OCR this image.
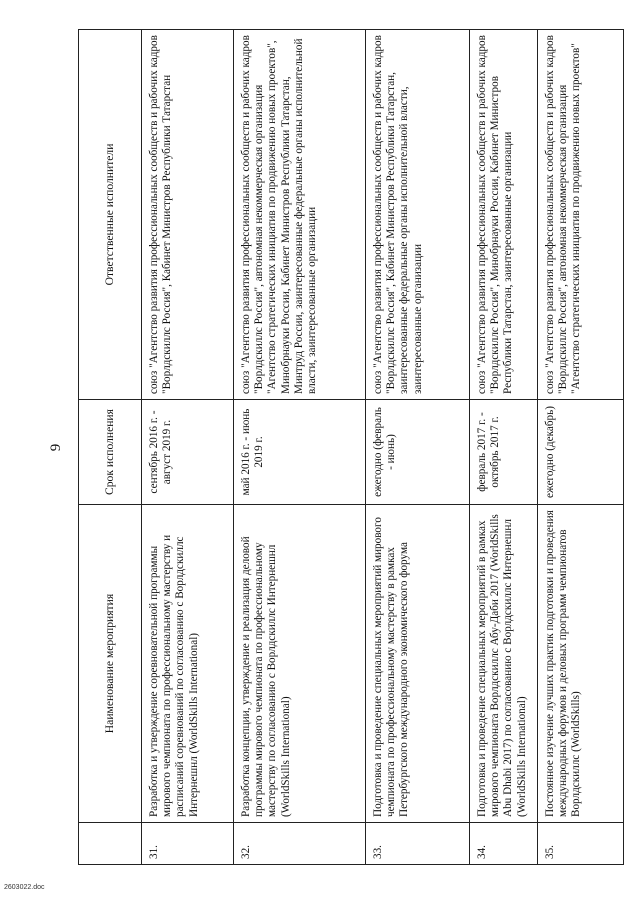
9
	Наименование мероприятия	Срок исполнения	Ответственные исполнители
31.	Разработка и утверждение соревновательной программы мирового чемпионата по профессиональному мастерству и расписаний соревнований по согласованию с Ворлдскиллс Интернешнл (WorldSkills International)	сентябрь 2016 г. - август 2019 г.	союз "Агентство развития профессиональных сообществ и рабочих кадров "Ворлдскиллс Россия", Кабинет Министров Республики Татарстан
32.	Разработка концепции, утверждение и реализация деловой программы мирового чемпионата по профессиональному мастерству по согласованию с Ворлдскиллс Интернешнл (WorldSkills International)	май 2016 г. - июнь 2019 г.	союз "Агентство развития профессиональных сообществ и рабочих кадров "Ворлдскиллс Россия", автономная некоммерческая организация "Агентство стратегических инициатив по продвижению новых проектов", Минобрнауки России, Кабинет Министров Республики Татарстан, Минтруд России, заинтересованные федеральные органы исполнительной власти, заинтересованные организации
33.	Подготовка и проведение специальных мероприятий мирового чемпионата по профессиональному мастерству в рамках Петербургского международного экономического форума	ежегодно (февраль - июнь)	союз "Агентство развития профессиональных сообществ и рабочих кадров "Ворлдскиллс Россия", Кабинет Министров Республики Татарстан, заинтересованные федеральные органы исполнительной власти, заинтересованные организации
34.	Подготовка и проведение специальных мероприятий в рамках мирового чемпионата Ворлдскиллс Абу-Даби 2017 (WorldSkills Abu Dhabi 2017) по согласованию с Ворлдскиллс Интернешнл (WorldSkills International)	февраль 2017 г. - октябрь 2017 г.	союз "Агентство развития профессиональных сообществ и рабочих кадров "Ворлдскиллс Россия", Минобрнауки России, Кабинет Министров Республики Татарстан, заинтересованные организации
35.	Постоянное изучение лучших практик подготовки и проведения международных форумов и деловых программ чемпионатов Ворлдскиллс (WorldSkills)	ежегодно (декабрь)	союз "Агентство развития профессиональных сообществ и рабочих кадров "Ворлдскиллс Россия", автономная некоммерческая организация "Агентство стратегических инициатив по продвижению новых проектов"
2603022.doc
